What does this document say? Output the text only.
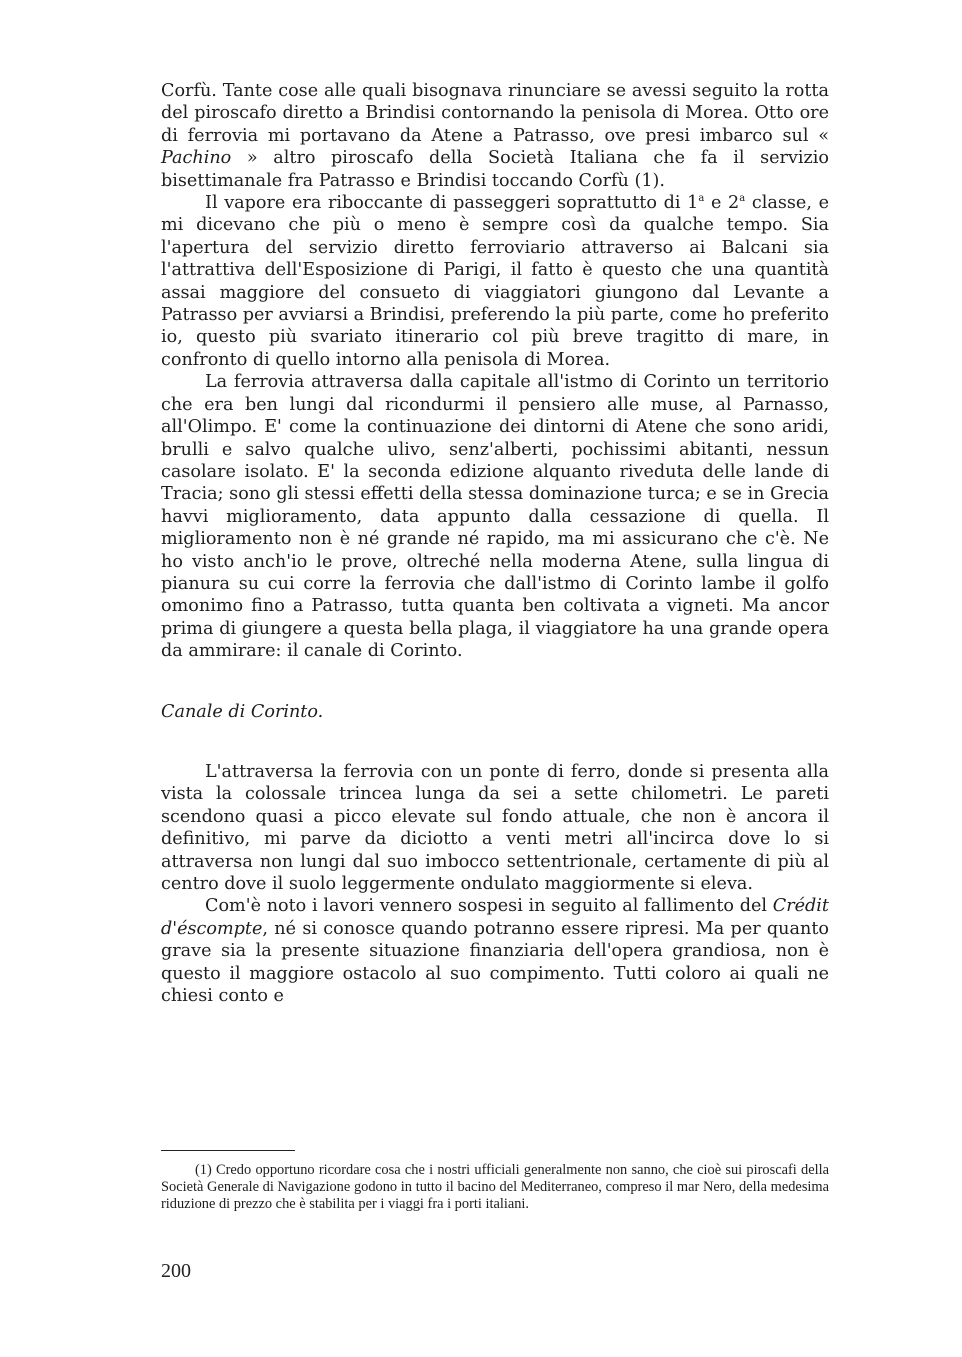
Corfù. Tante cose alle quali bisognava rinunciare se avessi seguito la rotta del piroscafo diretto a Brindisi contornando la penisola di Morea. Otto ore di ferrovia mi portavano da Atene a Patrasso, ove presi imbarco sul « Pachino » altro piroscafo della Società Italiana che fa il servizio bisettimanale fra Patrasso e Brindisi toccando Corfù (1).

Il vapore era riboccante di passeggeri soprattutto di 1$^a$ e 2$^a$ classe, e mi dicevano che più o meno è sempre così da qualche tempo. Sia l'apertura del servizio diretto ferroviario attraverso ai Balcani sia l'attrattiva dell'Esposizione di Parigi, il fatto è questo che una quantità assai maggiore del consueto di viaggiatori giungono dal Levante a Patrasso per avviarsi a Brindisi, preferendo la più parte, come ho preferito io, questo più svariato itinerario col più breve tragitto di mare, in confronto di quello intorno alla penisola di Morea.

La ferrovia attraversa dalla capitale all'istmo di Corinto un territorio che era ben lungi dal ricondurmi il pensiero alle muse, al Parnasso, all'Olimpo. E' come la continuazione dei dintorni di Atene che sono aridi, brulli e salvo qualche ulivo, senz'alberti, pochissimi abitanti, nessun casolare isolato. E' la seconda edizione alquanto riveduta delle lande di Tracia; sono gli stessi effetti della stessa dominazione turca; e se in Grecia havvi miglioramento, data appunto dalla cessazione di quella. Il miglioramento non è né grande né rapido, ma mi assicurano che c'è. Ne ho visto anch'io le prove, oltreché nella moderna Atene, sulla lingua di pianura su cui corre la ferrovia che dall'istmo di Corinto lambe il golfo omonimo fino a Patrasso, tutta quanta ben coltivata a vigneti. Ma ancor prima di giungere a questa bella plaga, il viaggiatore ha una grande opera da ammirare: il canale di Corinto.

Canale di Corinto.

L'attraversa la ferrovia con un ponte di ferro, donde si presenta alla vista la colossale trincea lunga da sei a sette chilometri. Le pareti scendono quasi a picco elevate sul fondo attuale, che non è ancora il definitivo, mi parve da diciotto a venti metri all'incirca dove lo si attraversa non lungi dal suo imbocco settentrionale, certamente di più al centro dove il suolo leggermente ondulato maggiormente si eleva.

Com'è noto i lavori vennero sospesi in seguito al fallimento del Crédit d'éscompte, né si conosce quando potranno essere ripresi. Ma per quanto grave sia la presente situazione finanziaria dell'opera grandiosa, non è questo il maggiore ostacolo al suo compimento. Tutti coloro ai quali ne chiesi conto e

(1) Credo opportuno ricordare cosa che i nostri ufficiali generalmente non sanno, che cioè sui piroscafi della Società Generale di Navigazione godono in tutto il bacino del Mediterraneo, compreso il mar Nero, della medesima riduzione di prezzo che è stabilita per i viaggi fra i porti italiani.

200
